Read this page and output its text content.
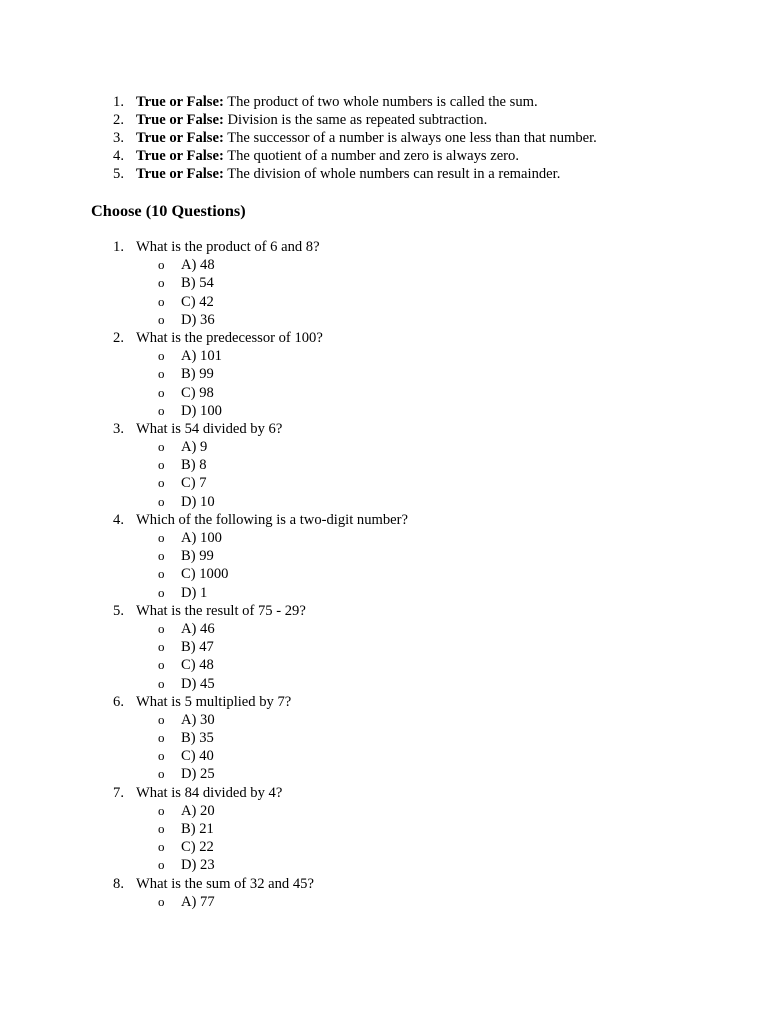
1. True or False: The product of two whole numbers is called the sum.
2. True or False: Division is the same as repeated subtraction.
3. True or False: The successor of a number is always one less than that number.
4. True or False: The quotient of a number and zero is always zero.
5. True or False: The division of whole numbers can result in a remainder.
Choose (10 Questions)
1. What is the product of 6 and 8?
o A) 48
o B) 54
o C) 42
o D) 36
2. What is the predecessor of 100?
o A) 101
o B) 99
o C) 98
o D) 100
3. What is 54 divided by 6?
o A) 9
o B) 8
o C) 7
o D) 10
4. Which of the following is a two-digit number?
o A) 100
o B) 99
o C) 1000
o D) 1
5. What is the result of 75 - 29?
o A) 46
o B) 47
o C) 48
o D) 45
6. What is 5 multiplied by 7?
o A) 30
o B) 35
o C) 40
o D) 25
7. What is 84 divided by 4?
o A) 20
o B) 21
o C) 22
o D) 23
8. What is the sum of 32 and 45?
o A) 77
